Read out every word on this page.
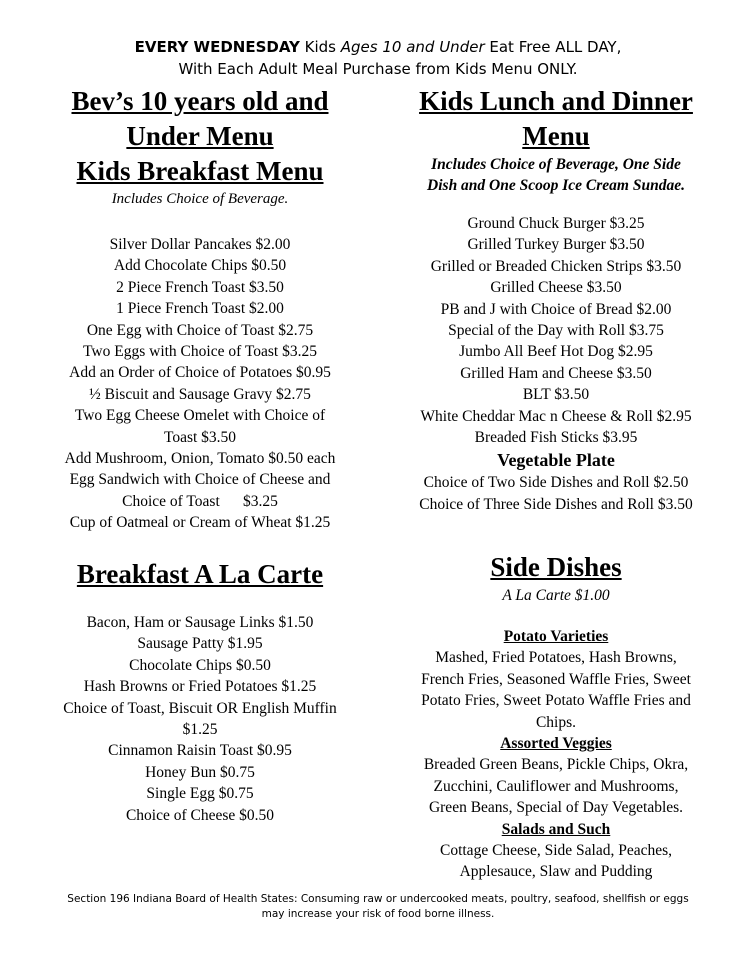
EVERY WEDNESDAY Kids Ages 10 and Under Eat Free ALL DAY,
With Each Adult Meal Purchase from Kids Menu ONLY.
Bev’s 10 years old and
Under Menu
Kids Breakfast Menu
Includes Choice of Beverage.
Silver Dollar Pancakes $2.00
Add Chocolate Chips $0.50
2 Piece French Toast $3.50
1 Piece French Toast $2.00
One Egg with Choice of Toast $2.75
Two Eggs with Choice of Toast $3.25
Add an Order of Choice of Potatoes $0.95
½ Biscuit and Sausage Gravy $2.75
Two Egg Cheese Omelet with Choice of
Toast $3.50
Add Mushroom, Onion, Tomato $0.50 each
Egg Sandwich with Choice of Cheese and
Choice of Toast      $3.25
Cup of Oatmeal or Cream of Wheat $1.25
Breakfast A La Carte
Bacon, Ham or Sausage Links $1.50
Sausage Patty $1.95
Chocolate Chips $0.50
Hash Browns or Fried Potatoes $1.25
Choice of Toast, Biscuit OR English Muffin
$1.25
Cinnamon Raisin Toast $0.95
Honey Bun $0.75
Single Egg $0.75
Choice of Cheese $0.50
Kids Lunch and Dinner
Menu
Includes Choice of Beverage, One Side
Dish and One Scoop Ice Cream Sundae.
Ground Chuck Burger $3.25
Grilled Turkey Burger $3.50
Grilled or Breaded Chicken Strips $3.50
Grilled Cheese $3.50
PB and J with Choice of Bread $2.00
Special of the Day with Roll $3.75
Jumbo All Beef Hot Dog $2.95
Grilled Ham and Cheese $3.50
BLT $3.50
White Cheddar Mac n Cheese & Roll $2.95
Breaded Fish Sticks $3.95
Vegetable Plate
Choice of Two Side Dishes and Roll $2.50
Choice of Three Side Dishes and Roll $3.50
Side Dishes
A La Carte $1.00
Potato Varieties
Mashed, Fried Potatoes, Hash Browns,
French Fries, Seasoned Waffle Fries, Sweet
Potato Fries, Sweet Potato Waffle Fries and
Chips.
Assorted Veggies
Breaded Green Beans, Pickle Chips, Okra,
Zucchini, Cauliflower and Mushrooms,
Green Beans, Special of Day Vegetables.
Salads and Such
Cottage Cheese, Side Salad, Peaches,
Applesauce, Slaw and Pudding
Section 196 Indiana Board of Health States: Consuming raw or undercooked meats, poultry, seafood, shellfish or eggs
may increase your risk of food borne illness.
